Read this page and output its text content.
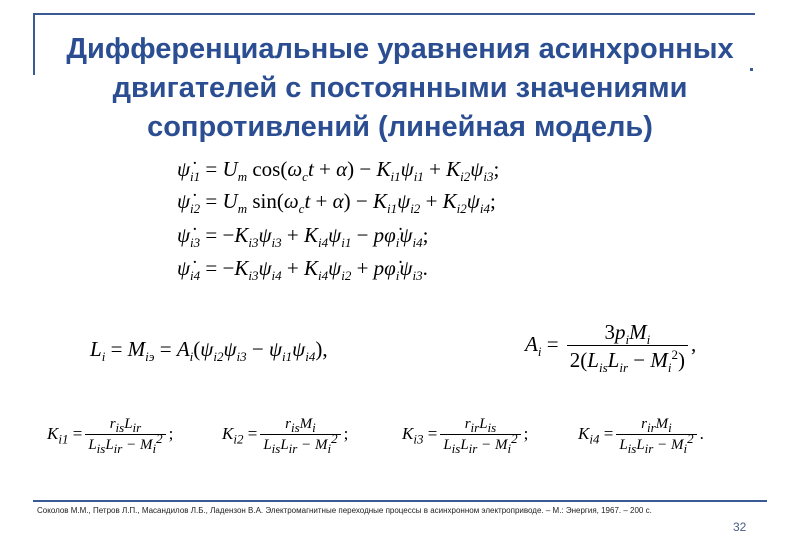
Дифференциальные уравнения асинхронных двигателей с постоянными значениями сопротивлений (линейная модель)
$\psi̇_{i1} = U_m$ $\cos(\omega_ct + \alpha) - K_{i1}\psi_{i1} + K_{i2}\psi_{i3}$;
$\psi̇_{i2} = U_m$ $\sin(\omega_ct + \alpha) - K_{i1}\psi_{i2} + K_{i2}\psi_{i4}$;
$\psi̇_{i3} = -K_{i3}\psi_{i3} + K_{i4}\psi_{i1}$ − $p\varphi̇_i\psi_{i4}$;
$\psi̇_{i4} = -K_{i3}\psi_{i4} + K_{i4}\psi_{i2}$ + $p\varphi̇_i\psi_{i3}$.
$L_i = M_{iэ} = A_i(\psi_{i2}\psi_{i3} - \psi_{i1}\psi_{i4})$,	$A_i = \frac{3p_iM_i}{2(L_{is}L_{ir} - M_i^2)}$ ,
$K_{i1} = \frac{r_{is}L_{ir}}{L_{is}L_{ir} - M_i^2}$ ;	$K_{i2} = \frac{r_{is}M_i}{L_{is}L_{ir} - M_i^2}$ ;	$K_{i3} = \frac{r_{ir}L_{is}}{L_{is}L_{ir} - M_i^2}$ ;	$K_{i4} = \frac{r_{ir}M_i}{L_{is}L_{ir} - M_i^2}$ .
Соколов М.М., Петров Л.П., Масандилов Л.Б., Ладензон В.А. Электромагнитные переходные процессы в асинхронном электроприводе. – М.: Энергия, 1967. – 200 с.
32
